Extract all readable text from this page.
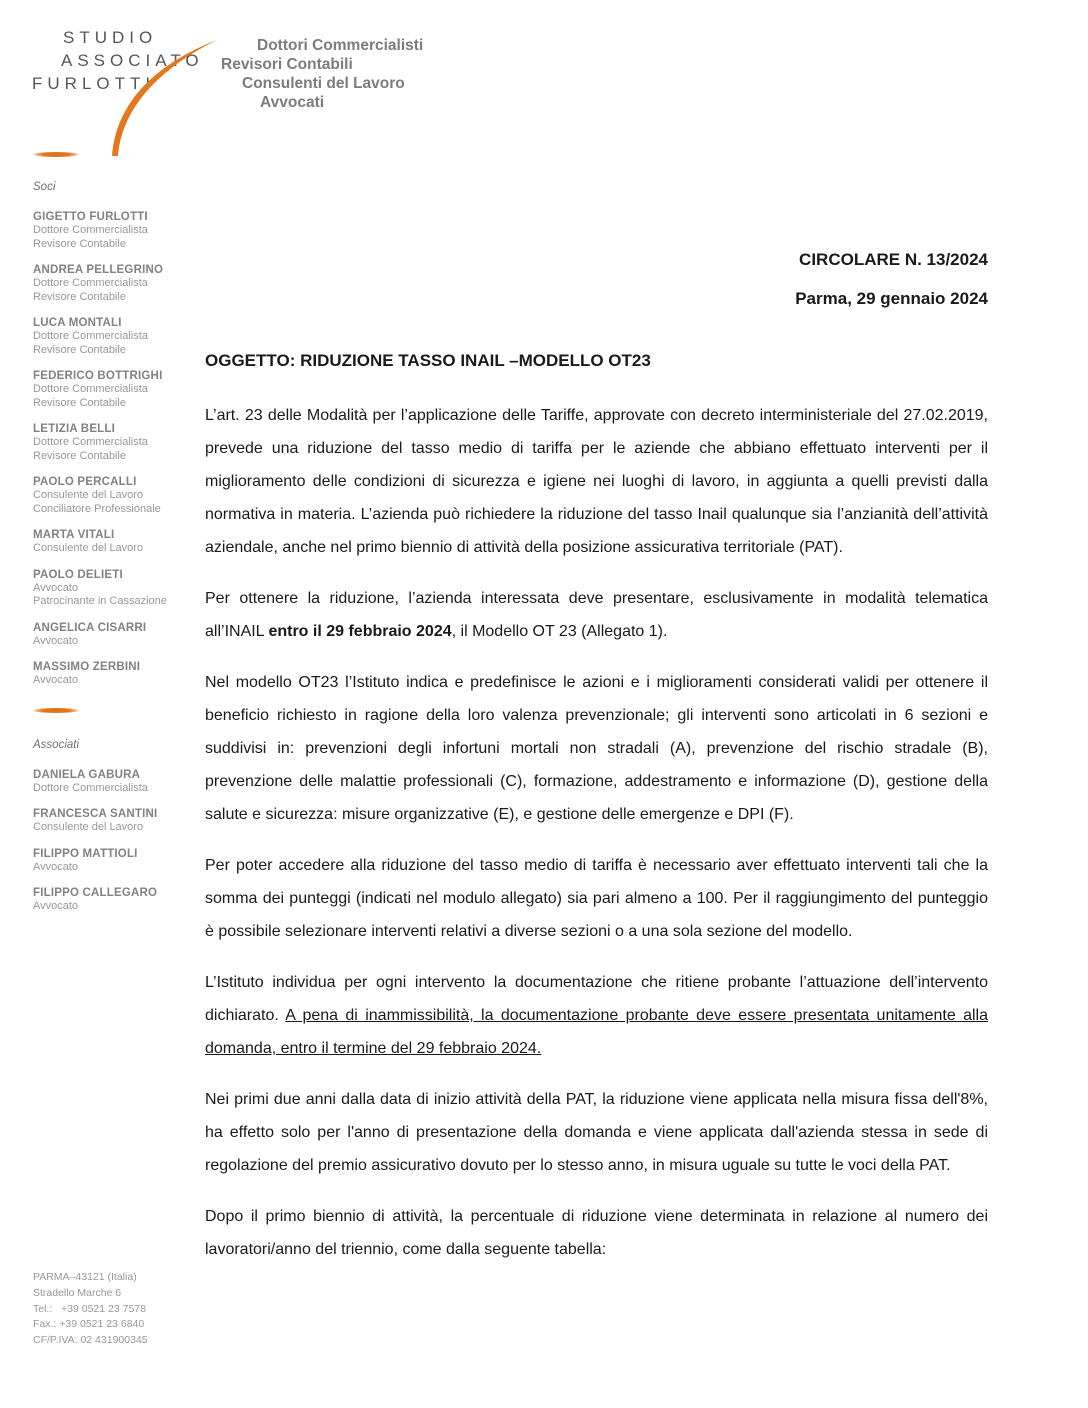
STUDIO
ASSOCIATO
FURLOTTI
Dottori Commercialisti
Revisori Contabili
Consulenti del Lavoro
Avvocati
Soci
GIGETTO FURLOTTI
Dottore Commercialista
Revisore Contabile
ANDREA PELLEGRINO
Dottore Commercialista
Revisore Contabile
LUCA MONTALI
Dottore Commercialista
Revisore Contabile
FEDERICO BOTTRIGHI
Dottore Commercialista
Revisore Contabile
LETIZIA BELLI
Dottore Commercialista
Revisore Contabile
PAOLO PERCALLI
Consulente del Lavoro
Conciliatore Professionale
MARTA VITALI
Consulente del Lavoro
PAOLO DELIETI
Avvocato
Patrocinante in Cassazione
ANGELICA CISARRI
Avvocato
MASSIMO ZERBINI
Avvocato
Associati
DANIELA GABURA
Dottore Commercialista
FRANCESCA SANTINI
Consulente del Lavoro
FILIPPO MATTIOLI
Avvocato
FILIPPO CALLEGARO
Avvocato
PARMA–43121 (Italia)
Stradello Marche 6
Tel.:   +39 0521 23 7578
Fax.: +39 0521 23 6840
CF/P.IVA: 02 431900345
CIRCOLARE N. 13/2024
Parma, 29 gennaio 2024
OGGETTO: RIDUZIONE TASSO INAIL –MODELLO OT23

L’art. 23 delle Modalità per l’applicazione delle Tariffe, approvate con decreto interministeriale del 27.02.2019, prevede una riduzione del tasso medio di tariffa per le aziende che abbiano effettuato interventi per il miglioramento delle condizioni di sicurezza e igiene nei luoghi di lavoro, in aggiunta a quelli previsti dalla normativa in materia. L’azienda può richiedere la riduzione del tasso Inail qualunque sia l’anzianità dell’attività aziendale, anche nel primo biennio di attività della posizione assicurativa territoriale (PAT).

Per ottenere la riduzione, l’azienda interessata deve presentare, esclusivamente in modalità telematica all’INAIL entro il 29 febbraio 2024, il Modello OT 23 (Allegato 1).

Nel modello OT23 l’Istituto indica e predefinisce le azioni e i miglioramenti considerati validi per ottenere il beneficio richiesto in ragione della loro valenza prevenzionale; gli interventi sono articolati in 6 sezioni e suddivisi in: prevenzioni degli infortuni mortali non stradali (A), prevenzione del rischio stradale (B), prevenzione delle malattie professionali (C), formazione, addestramento e informazione (D), gestione della salute e sicurezza: misure organizzative (E), e gestione delle emergenze e DPI (F).

Per poter accedere alla riduzione del tasso medio di tariffa è necessario aver effettuato interventi tali che la somma dei punteggi (indicati nel modulo allegato) sia pari almeno a 100. Per il raggiungimento del punteggio è possibile selezionare interventi relativi a diverse sezioni o a una sola sezione del modello.

L’Istituto individua per ogni intervento la documentazione che ritiene probante l’attuazione dell’intervento dichiarato. A pena di inammissibilità, la documentazione probante deve essere presentata unitamente alla domanda, entro il termine del 29 febbraio 2024.

Nei primi due anni dalla data di inizio attività della PAT, la riduzione viene applicata nella misura fissa dell'8%, ha effetto solo per l'anno di presentazione della domanda e viene applicata dall'azienda stessa in sede di regolazione del premio assicurativo dovuto per lo stesso anno, in misura uguale su tutte le voci della PAT.

Dopo il primo biennio di attività, la percentuale di riduzione viene determinata in relazione al numero dei lavoratori/anno del triennio, come dalla seguente tabella:
